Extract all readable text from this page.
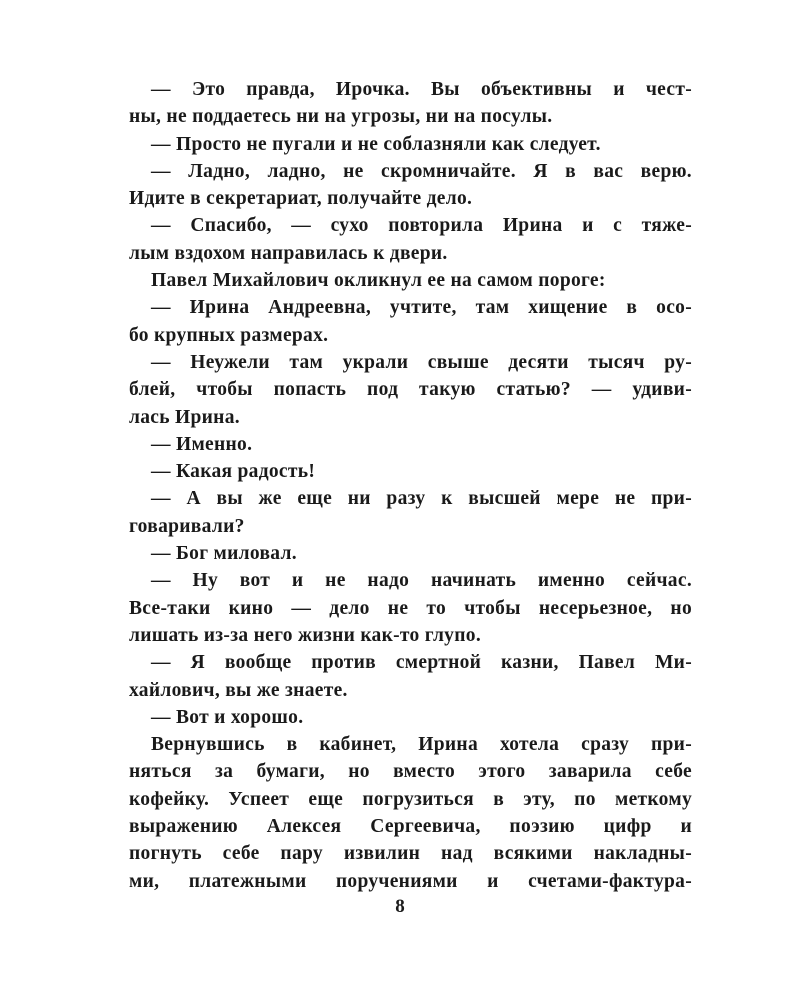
— Это правда, Ирочка. Вы объективны и чест-
ны, не поддаетесь ни на угрозы, ни на посулы.
— Просто не пугали и не соблазняли как следует.
— Ладно, ладно, не скромничайте. Я в вас верю.
Идите в секретариат, получайте дело.
— Спасибо, — сухо повторила Ирина и с тяже-
лым вздохом направилась к двери.
Павел Михайлович окликнул ее на самом пороге:
— Ирина Андреевна, учтите, там хищение в осо-
бо крупных размерах.
— Неужели там украли свыше десяти тысяч ру-
блей, чтобы попасть под такую статью? — удиви-
лась Ирина.
— Именно.
— Какая радость!
— А вы же еще ни разу к высшей мере не при-
говаривали?
— Бог миловал.
— Ну вот и не надо начинать именно сейчас.
Все-таки кино — дело не то чтобы несерьезное, но
лишать из-за него жизни как-то глупо.
— Я вообще против смертной казни, Павел Ми-
хайлович, вы же знаете.
— Вот и хорошо.
Вернувшись в кабинет, Ирина хотела сразу при-
няться за бумаги, но вместо этого заварила себе
кофейку. Успеет еще погрузиться в эту, по меткому
выражению Алексея Сергеевича, поэзию цифр и
погнуть себе пару извилин над всякими накладны-
ми, платежными поручениями и счетами-фактура-
8
